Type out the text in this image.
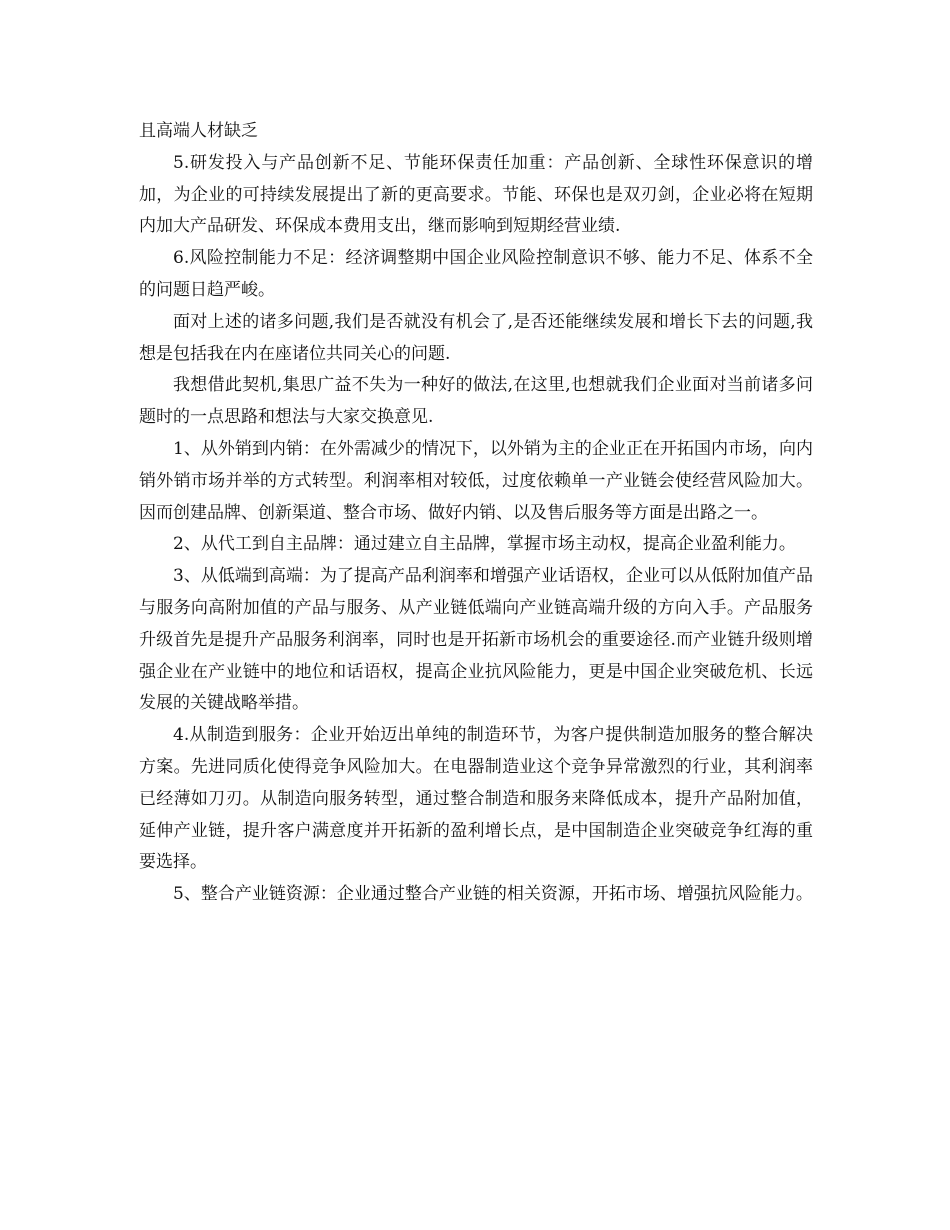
且高端人材缺乏

5.研发投入与产品创新不足、节能环保责任加重：产品创新、全球性环保意识的增加，为企业的可持续发展提出了新的更高要求。节能、环保也是双刃剑，企业必将在短期内加大产品研发、环保成本费用支出，继而影响到短期经营业绩.

6.风险控制能力不足：经济调整期中国企业风险控制意识不够、能力不足、体系不全的问题日趋严峻。

面对上述的诸多问题,我们是否就没有机会了,是否还能继续发展和增长下去的问题,我想是包括我在内在座诸位共同关心的问题.

我想借此契机,集思广益不失为一种好的做法,在这里,也想就我们企业面对当前诸多问题时的一点思路和想法与大家交换意见.

1、从外销到内销：在外需减少的情况下，以外销为主的企业正在开拓国内市场，向内销外销市场并举的方式转型。利润率相对较低，过度依赖单一产业链会使经营风险加大。因而创建品牌、创新渠道、整合市场、做好内销、以及售后服务等方面是出路之一。

2、从代工到自主品牌：通过建立自主品牌，掌握市场主动权，提高企业盈利能力。

3、从低端到高端：为了提高产品利润率和增强产业话语权，企业可以从低附加值产品与服务向高附加值的产品与服务、从产业链低端向产业链高端升级的方向入手。产品服务升级首先是提升产品服务利润率，同时也是开拓新市场机会的重要途径.而产业链升级则增强企业在产业链中的地位和话语权，提高企业抗风险能力，更是中国企业突破危机、长远发展的关键战略举措。

4.从制造到服务：企业开始迈出单纯的制造环节，为客户提供制造加服务的整合解决方案。先进同质化使得竞争风险加大。在电器制造业这个竞争异常激烈的行业，其利润率已经薄如刀刃。从制造向服务转型，通过整合制造和服务来降低成本，提升产品附加值，延伸产业链，提升客户满意度并开拓新的盈利增长点，是中国制造企业突破竞争红海的重要选择。

5、整合产业链资源：企业通过整合产业链的相关资源，开拓市场、增强抗风险能力。
